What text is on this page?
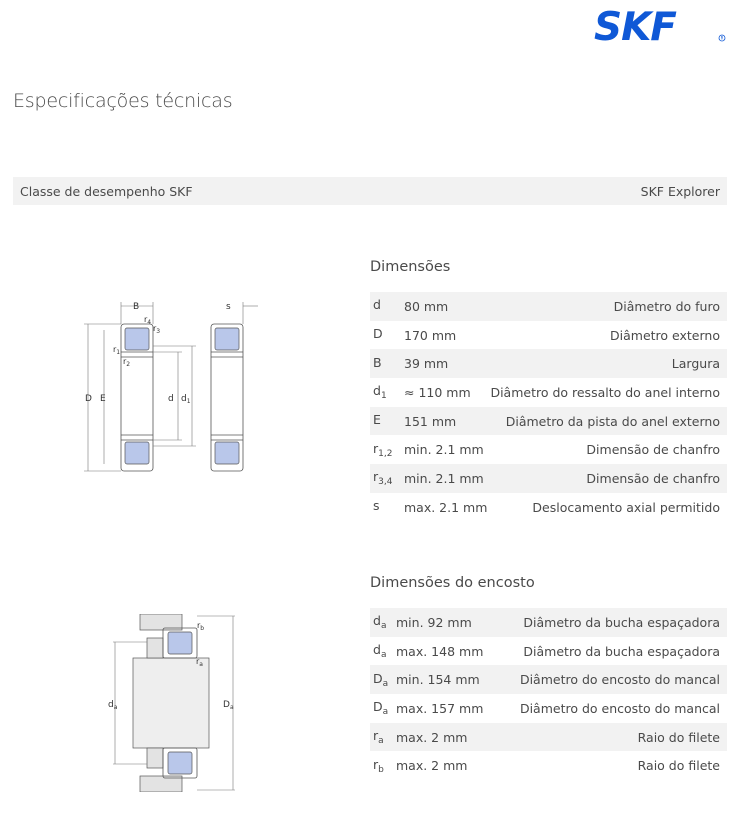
SKF	R
Especificações técnicas
Classe de desempenho SKF	SKF Explorer
B	s
$r_4$
$r_3$
$r_1$
$r_2$
D E	d $d_1$
Dimensões
d	80 mm	Diâmetro do furo
D	170 mm	Diâmetro externo
B	39 mm	Largura
$d_1$	≈ 110 mm	Diâmetro do ressalto do anel interno
E	151 mm	Diâmetro da pista do anel externo
$r_{1,2}$	min. 2.1 mm	Dimensão de chanfro
$r_{3,4}$	min. 2.1 mm	Dimensão de chanfro
s	max. 2.1 mm	Deslocamento axial permitido
$r_b$
$r_a$
$d_a$	$D_a$
Dimensões do encosto
$d_a$	min. 92 mm	Diâmetro da bucha espaçadora
$d_a$	max. 148 mm	Diâmetro da bucha espaçadora
$D_a$	min. 154 mm	Diâmetro do encosto do mancal
$D_a$	max. 157 mm	Diâmetro do encosto do mancal
$r_a$	max. 2 mm	Raio do filete
$r_b$	max. 2 mm	Raio do filete
